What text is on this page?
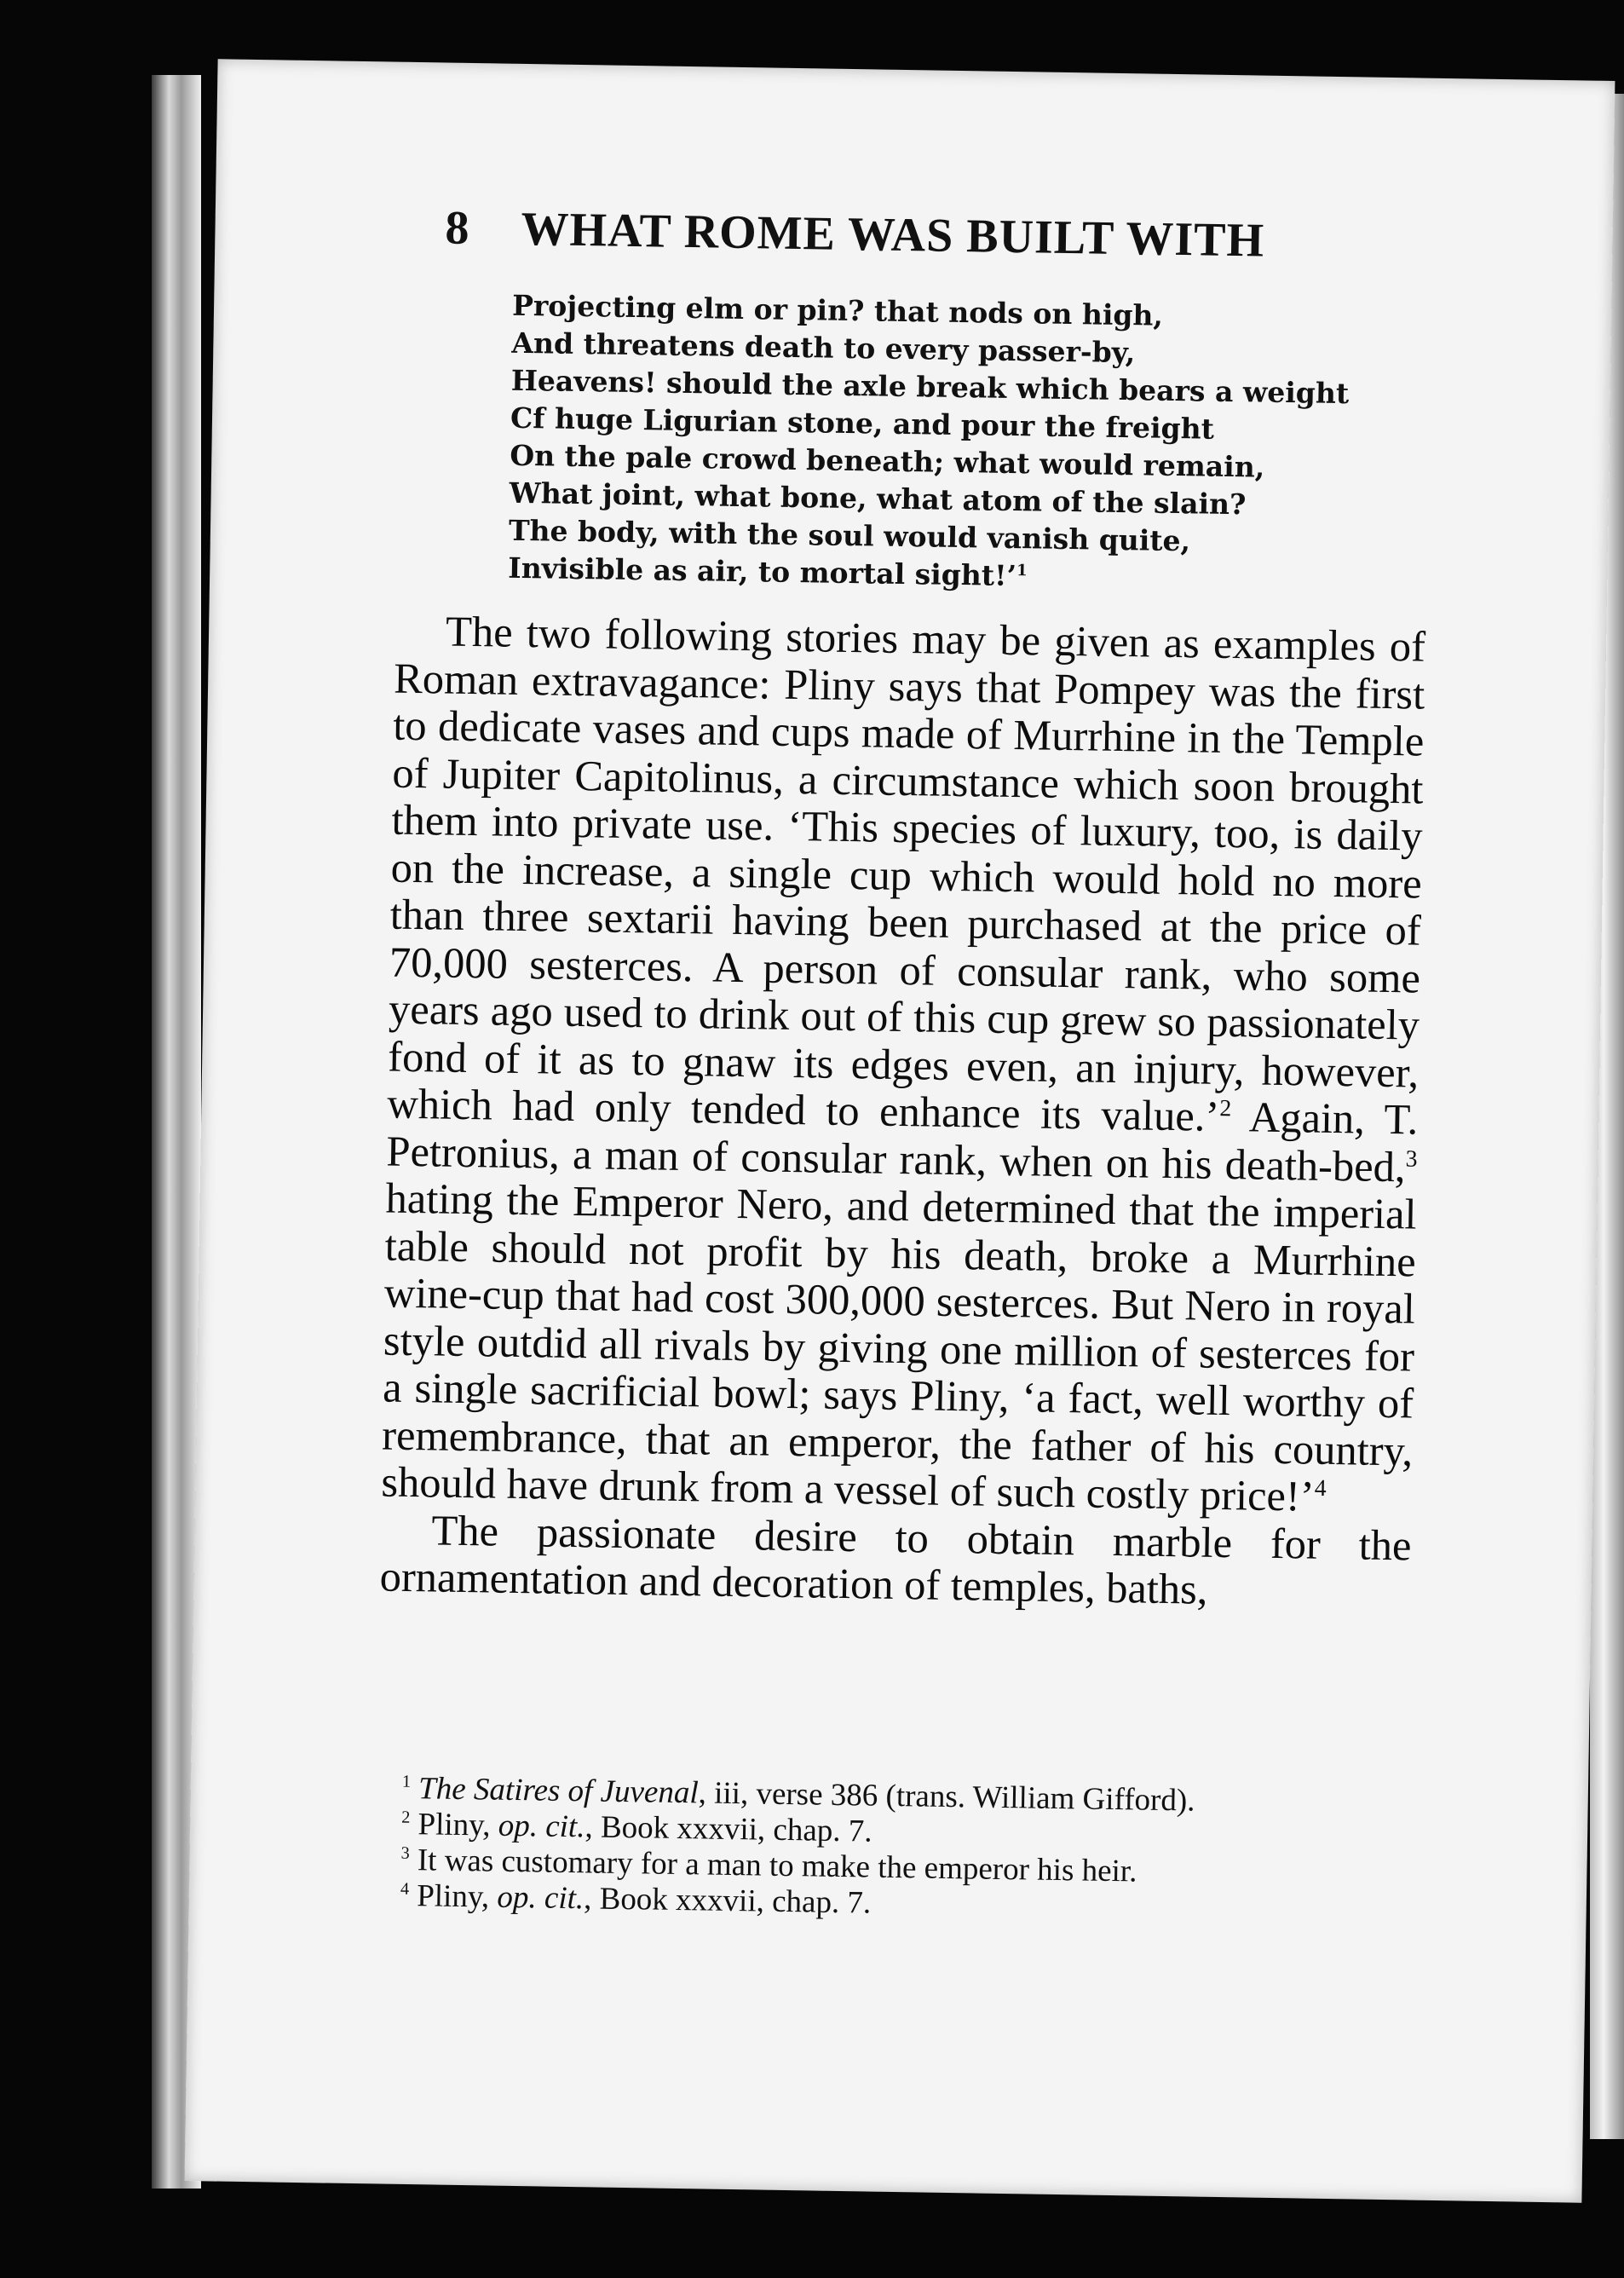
8 WHAT ROME WAS BUILT WITH
Projecting elm or pin? that nods on high,
And threatens death to every passer-by,
Heavens! should the axle break which bears a weight
Cf huge Ligurian stone, and pour the freight
On the pale crowd beneath; what would remain,
What joint, what bone, what atom of the slain?
The body, with the soul would vanish quite,
Invisible as air, to mortal sight!’$^1$

The two following stories may be given as examples of Roman extravagance: Pliny says that Pompey was the first to dedicate vases and cups made of Murrhine in the Temple of Jupiter Capitolinus, a circumstance which soon brought them into private use. ‘This species of luxury, too, is daily on the increase, a single cup which would hold no more than three sextarii having been purchased at the price of 70,000 sesterces. A person of consular rank, who some years ago used to drink out of this cup grew so passionately fond of it as to gnaw its edges even, an injury, however, which had only tended to enhance its value.’$^2$ Again, T. Petronius, a man of consular rank, when on his death-bed,$^3$ hating the Emperor Nero, and determined that the imperial table should not profit by his death, broke a Murrhine wine-cup that had cost 300,000 sesterces. But Nero in royal style outdid all rivals by giving one million of sesterces for a single sacrificial bowl; says Pliny, ‘a fact, well worthy of remembrance, that an emperor, the father of his country, should have drunk from a vessel of such costly price!’$^4$

The passionate desire to obtain marble for the ornamentation and decoration of temples, baths,

$^1$ The Satires of Juvenal, iii, verse 386 (trans. William Gifford).
$^2$ Pliny, op. cit., Book xxxvii, chap. 7.
$^3$ It was customary for a man to make the emperor his heir.
$^4$ Pliny, op. cit., Book xxxvii, chap. 7.
